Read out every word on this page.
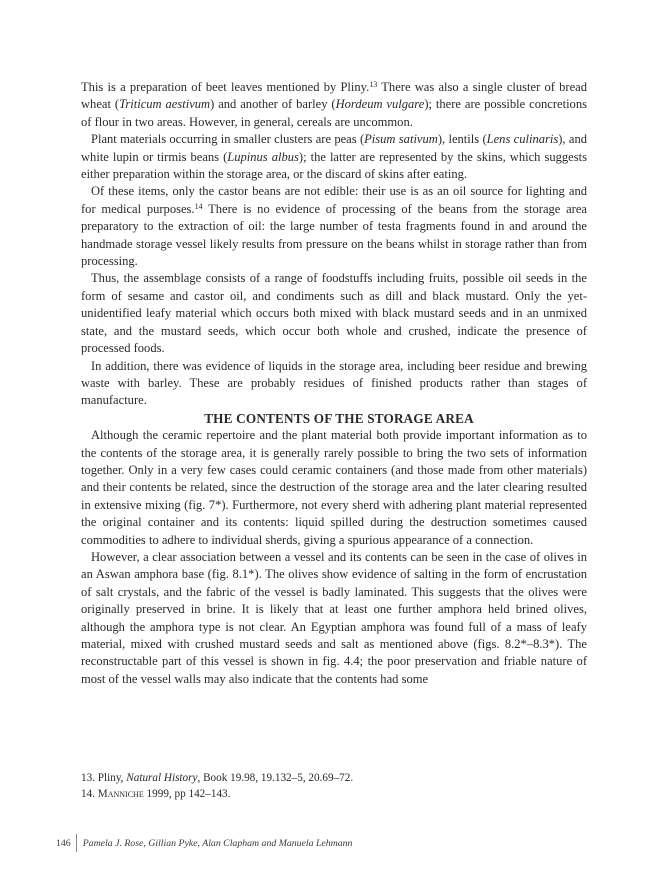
This is a preparation of beet leaves mentioned by Pliny.$^{13}$ There was also a single cluster of bread wheat (Triticum aestivum) and another of barley (Hordeum vulgare); there are possible concretions of flour in two areas. However, in general, cereals are uncommon.

Plant materials occurring in smaller clusters are peas (Pisum sativum), lentils (Lens culinaris), and white lupin or tirmis beans (Lupinus albus); the latter are represented by the skins, which suggests either preparation within the storage area, or the discard of skins after eating.

Of these items, only the castor beans are not edible: their use is as an oil source for lighting and for medical purposes.$^{14}$ There is no evidence of processing of the beans from the storage area preparatory to the extraction of oil: the large number of testa fragments found in and around the handmade storage vessel likely results from pressure on the beans whilst in storage rather than from processing.

Thus, the assemblage consists of a range of foodstuffs including fruits, possible oil seeds in the form of sesame and castor oil, and condiments such as dill and black mustard. Only the yet-unidentified leafy material which occurs both mixed with black mustard seeds and in an unmixed state, and the mustard seeds, which occur both whole and crushed, indicate the presence of processed foods.

In addition, there was evidence of liquids in the storage area, including beer residue and brewing waste with barley. These are probably residues of finished products rather than stages of manufacture.

THE CONTENTS OF THE STORAGE AREA

Although the ceramic repertoire and the plant material both provide important information as to the contents of the storage area, it is generally rarely possible to bring the two sets of information together. Only in a very few cases could ceramic containers (and those made from other materials) and their contents be related, since the destruction of the storage area and the later clearing resulted in extensive mixing (fig. 7*). Furthermore, not every sherd with adhering plant material represented the original container and its contents: liquid spilled during the destruction sometimes caused commodities to adhere to individual sherds, giving a spurious appearance of a connection.

However, a clear association between a vessel and its contents can be seen in the case of olives in an Aswan amphora base (fig. 8.1*). The olives show evidence of salting in the form of encrustation of salt crystals, and the fabric of the vessel is badly laminated. This suggests that the olives were originally preserved in brine. It is likely that at least one further amphora held brined olives, although the amphora type is not clear. An Egyptian amphora was found full of a mass of leafy material, mixed with crushed mustard seeds and salt as mentioned above (figs. 8.2*–8.3*). The reconstructable part of this vessel is shown in fig. 4.4; the poor preservation and friable nature of most of the vessel walls may also indicate that the contents had some

13. Pliny, Natural History, Book 19.98, 19.132–5, 20.69–72.
14. Manniche 1999, pp 142–143.
146	Pamela J. Rose, Gillian Pyke, Alan Clapham and Manuela Lehmann
